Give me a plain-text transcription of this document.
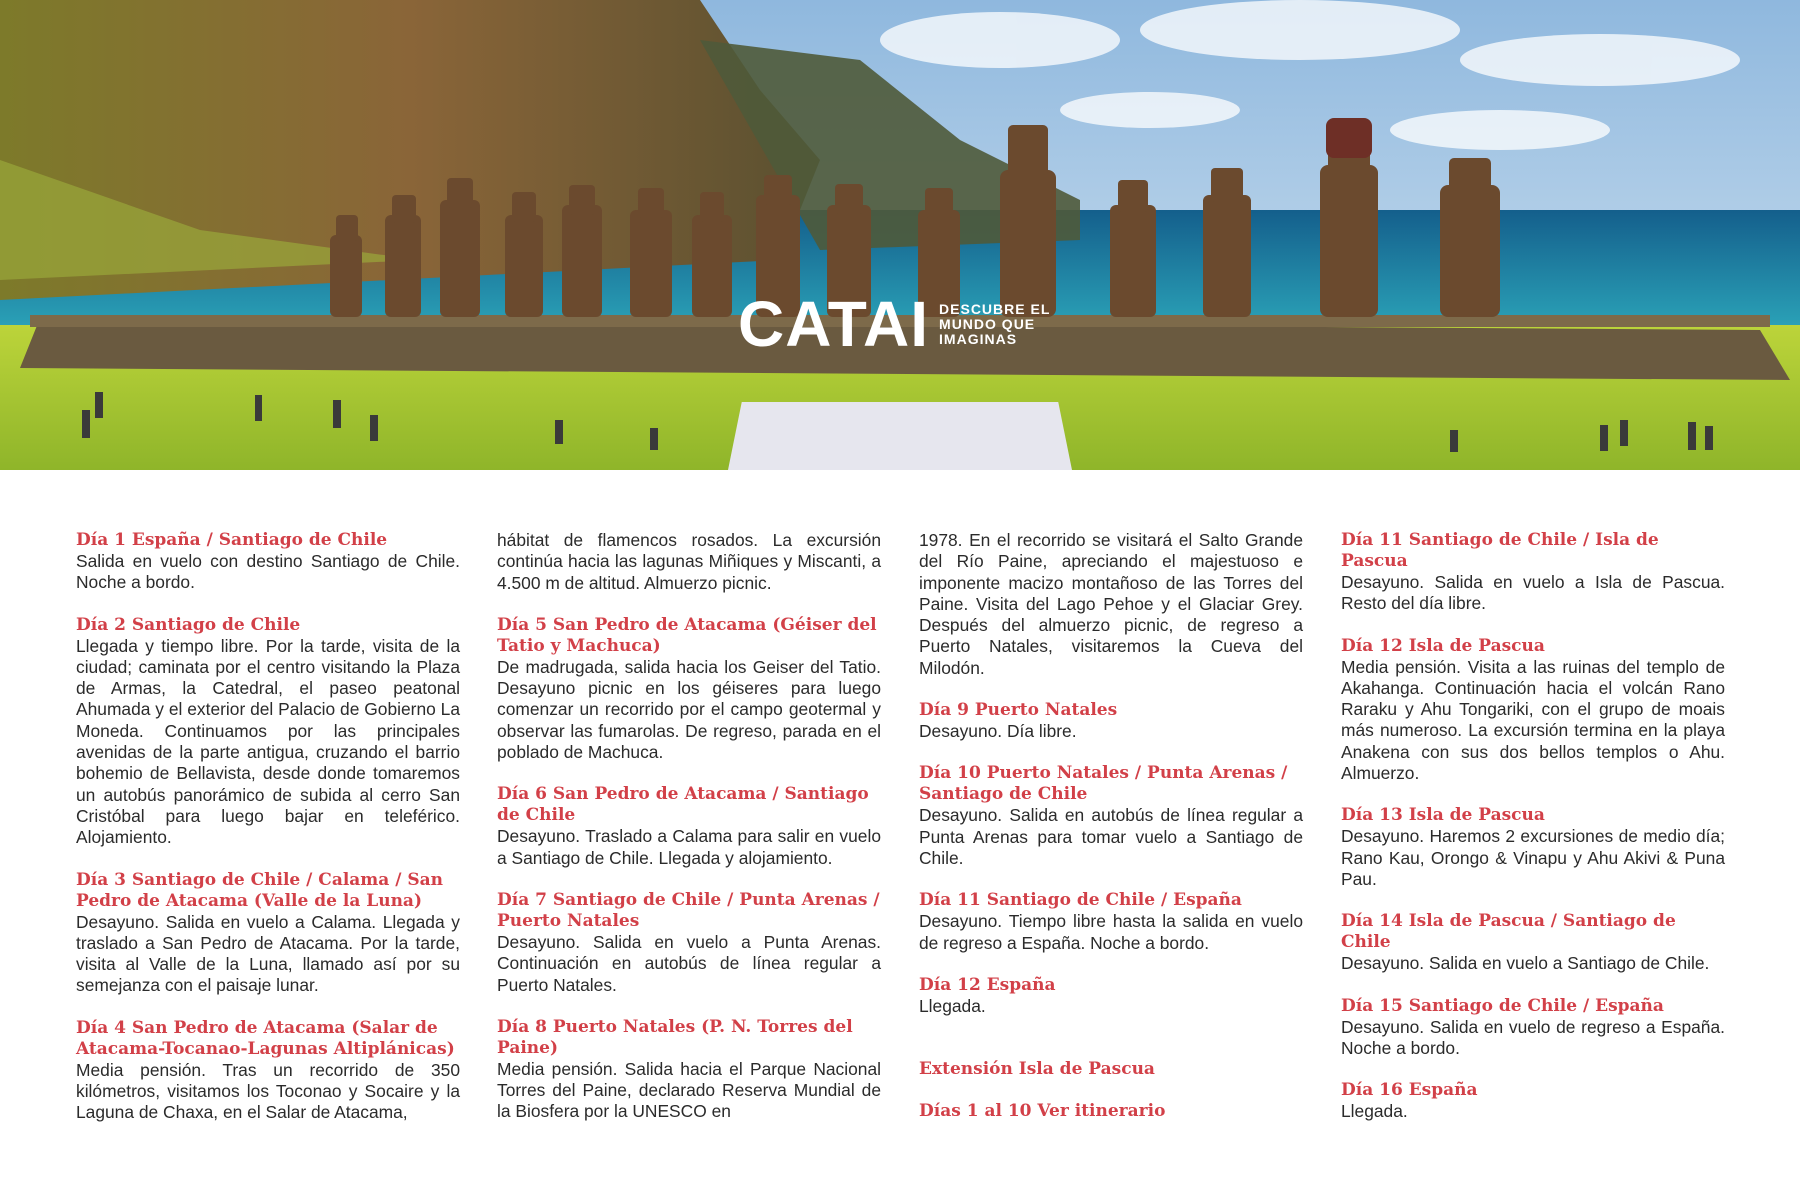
CATAI DESCUBRE EL
MUNDO QUE
IMAGINAS

Día 1 España / Santiago de Chile

Salida en vuelo con destino Santiago de Chile. Noche a bordo.

Día 2 Santiago de Chile

Llegada y tiempo libre. Por la tarde, visita de la ciudad; caminata por el centro visitando la Plaza de Armas, la Catedral, el paseo peatonal Ahumada y el exterior del Palacio de Gobierno La Moneda. Continuamos por las principales avenidas de la parte antigua, cruzando el barrio bohemio de Bellavista, desde donde tomaremos un autobús panorámico de subida al cerro San Cristóbal para luego bajar en teleférico. Alojamiento.

Día 3 Santiago de Chile / Calama / San Pedro de Atacama (Valle de la Luna)

Desayuno. Salida en vuelo a Calama. Llegada y traslado a San Pedro de Atacama. Por la tarde, visita al Valle de la Luna, llamado así por su semejanza con el paisaje lunar.

Día 4 San Pedro de Atacama (Salar de Atacama-Tocanao-Lagunas Altiplánicas)

Media pensión. Tras un recorrido de 350 kilómetros, visitamos los Toconao y Socaire y la Laguna de Chaxa, en el Salar de Atacama,

hábitat de flamencos rosados. La excursión continúa hacia las lagunas Miñiques y Miscanti, a 4.500 m de altitud. Almuerzo picnic.

Día 5 San Pedro de Atacama (Géiser del Tatio y Machuca)

De madrugada, salida hacia los Geiser del Tatio. Desayuno picnic en los géiseres para luego comenzar un recorrido por el campo geotermal y observar las fumarolas. De regreso, parada en el poblado de Machuca.

Día 6 San Pedro de Atacama / Santiago de Chile

Desayuno. Traslado a Calama para salir en vuelo a Santiago de Chile. Llegada y alojamiento.

Día 7 Santiago de Chile / Punta Arenas / Puerto Natales

Desayuno. Salida en vuelo a Punta Arenas. Continuación en autobús de línea regular a Puerto Natales.

Día 8 Puerto Natales (P. N. Torres del Paine)

Media pensión. Salida hacia el Parque Nacional Torres del Paine, declarado Reserva Mundial de la Biosfera por la UNESCO en

1978. En el recorrido se visitará el Salto Grande del Río Paine, apreciando el majestuoso e imponente macizo montañoso de las Torres del Paine. Visita del Lago Pehoe y el Glaciar Grey. Después del almuerzo picnic, de regreso a Puerto Natales, visitaremos la Cueva del Milodón.

Día 9 Puerto Natales

Desayuno. Día libre.

Día 10 Puerto Natales / Punta Arenas / Santiago de Chile

Desayuno. Salida en autobús de línea regular a Punta Arenas para tomar vuelo a Santiago de Chile.

Día 11 Santiago de Chile / España

Desayuno. Tiempo libre hasta la salida en vuelo de regreso a España. Noche a bordo.

Día 12 España

Llegada.

Extensión Isla de Pascua

Días 1 al 10 Ver itinerario

Día 11 Santiago de Chile / Isla de Pascua

Desayuno. Salida en vuelo a Isla de Pascua. Resto del día libre.

Día 12 Isla de Pascua

Media pensión. Visita a las ruinas del templo de Akahanga. Continuación hacia el volcán Rano Raraku y Ahu Tongariki, con el grupo de moais más numeroso. La excursión termina en la playa Anakena con sus dos bellos templos o Ahu. Almuerzo.

Día 13 Isla de Pascua

Desayuno. Haremos 2 excursiones de medio día; Rano Kau, Orongo & Vinapu y Ahu Akivi & Puna Pau.

Día 14 Isla de Pascua / Santiago de Chile

Desayuno. Salida en vuelo a Santiago de Chile.

Día 15 Santiago de Chile / España

Desayuno. Salida en vuelo de regreso a España. Noche a bordo.

Día 16 España

Llegada.
